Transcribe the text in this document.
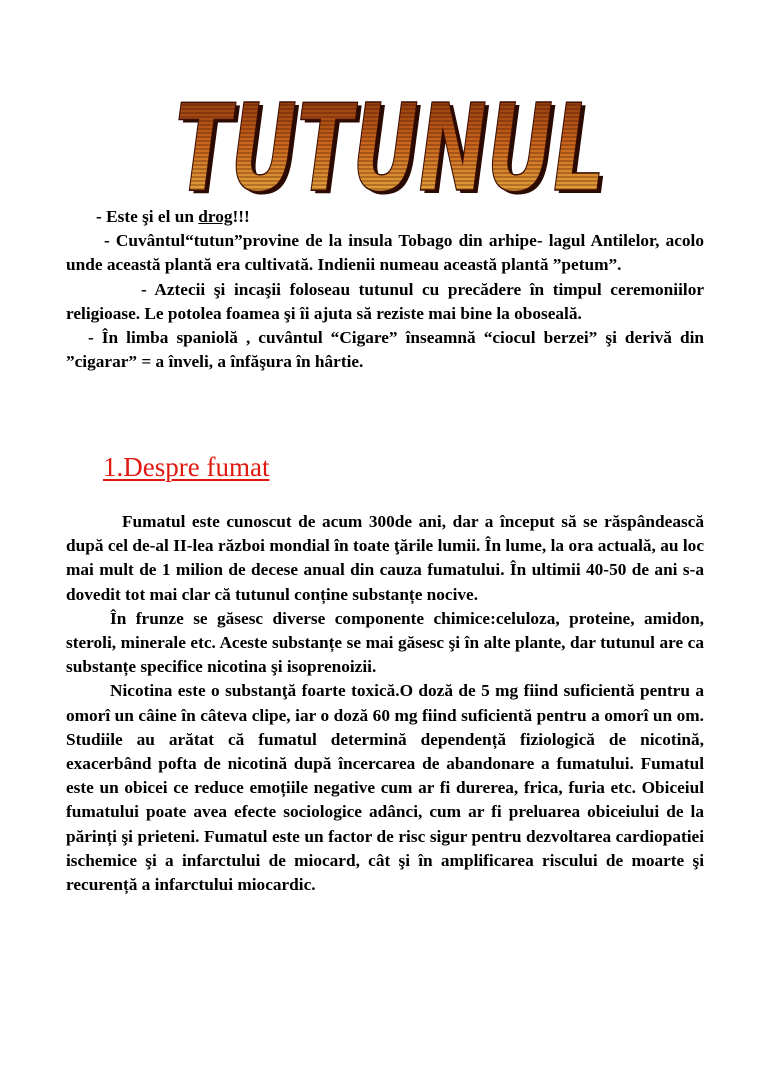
TUTUNUL
TUTUNUL
TUTUNUL

- Este şi el un drog!!!

- Cuvântul“tutun”provine de la insula Tobago din arhipe- lagul Antilelor, acolo unde această plantă era cultivată. Indienii numeau această plantă ”petum”.

- Aztecii şi incaşii foloseau tutunul cu precădere în timpul ceremoniilor religioase. Le potolea foamea şi îi ajuta să reziste mai bine la oboseală.

- În limba spaniolă , cuvântul “Cigare” înseamnă “ciocul berzei” şi derivă din ”cigarar” = a înveli, a înfăşura în hârtie.

1.Despre fumat

Fumatul este cunoscut de acum 300de ani, dar a început să se răspândească după cel de-al II-lea război mondial în toate ţările lumii. În lume, la ora actuală, au loc mai mult de 1 milion de decese anual din cauza fumatului. În ultimii 40-50 de ani s-a dovedit tot mai clar că tutunul conține substanțe nocive.

În frunze se găsesc diverse componente chimice:celuloza, proteine, amidon, steroli, minerale etc. Aceste substanțe se mai găsesc şi în alte plante, dar tutunul are ca substanțe specifice nicotina şi isoprenoizii.

Nicotina este o substanţă foarte toxică.O doză de 5 mg fiind suficientă pentru a omorî un câine în câteva clipe, iar o doză 60 mg fiind suficientă pentru a omorî un om. Studiile au arătat că fumatul determină dependență fiziologică de nicotină, exacerbând pofta de nicotină după încercarea de abandonare a fumatului. Fumatul este un obicei ce reduce emoțiile negative cum ar fi durerea, frica, furia etc. Obiceiul fumatului poate avea efecte sociologice adânci, cum ar fi preluarea obiceiului de la părinți şi prieteni. Fumatul este un factor de risc sigur pentru dezvoltarea cardiopatiei ischemice şi a infarctului de miocard, cât şi în amplificarea riscului de moarte şi recurență a infarctului miocardic.
